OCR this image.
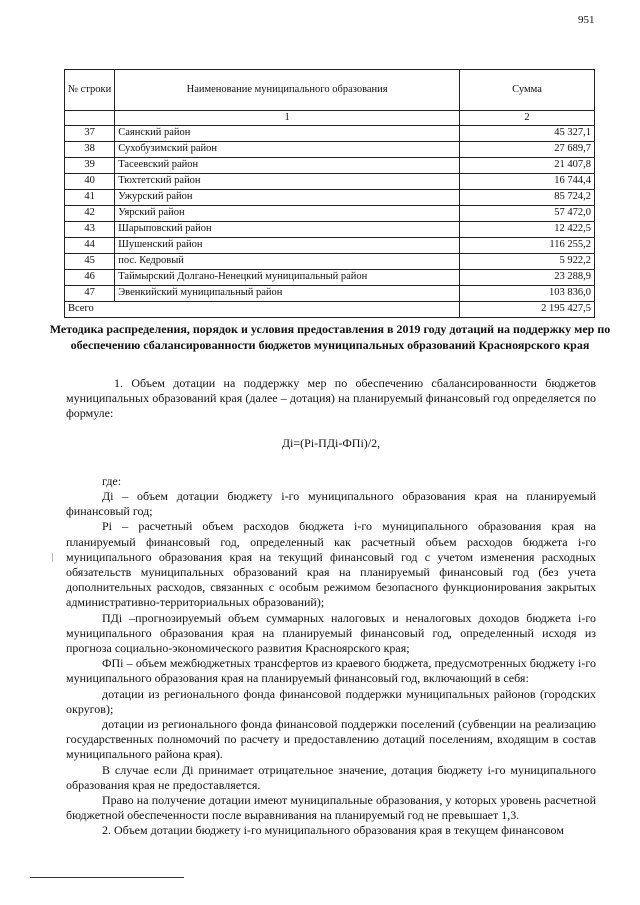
951
№ строки	Наименование муниципального образования	Сумма
	1	2
37	Саянский район	45 327,1
38	Сухобузимский район	27 689,7
39	Тасеевский район	21 407,8
40	Тюхтетский район	16 744,4
41	Ужурский район	85 724,2
42	Уярский район	57 472,0
43	Шарыповский район	12 422,5
44	Шушенский район	116 255,2
45	пос. Кедровый	5 922,2
46	Таймырский Долгано-Ненецкий муниципальный район	23 288,9
47	Эвенкийский муниципальный район	103 836,0
Всего		2 195 427,5
Методика распределения, порядок и условия предоставления в 2019 году дотаций на поддержку мер по обеспечению сбалансированности бюджетов муниципальных образований Красноярского края

1. Объем дотации на поддержку мер по обеспечению сбалансированности бюджетов муниципальных образований края (далее – дотация) на планируемый финансовый год определяется по формуле:

Дi=(Pi-ПДi-ФПi)/2,

где:

Дi – объем дотации бюджету i-го муниципального образования края на планируемый финансовый год;

Pi – расчетный объем расходов бюджета i-го муниципального образования края на планируемый финансовый год, определенный как расчетный объем расходов бюджета i-го муниципального образования края на текущий финансовый год с учетом изменения расходных обязательств муниципальных образований края на планируемый финансовый год (без учета дополнительных расходов, связанных с особым режимом безопасного функционирования закрытых административно-территориальных образований);

ПДi –прогнозируемый объем суммарных налоговых и неналоговых доходов бюджета i-го муниципального образования края на планируемый финансовый год, определенный исходя из прогноза социально-экономического развития Красноярского края;

ФПi – объем межбюджетных трансфертов из краевого бюджета, предусмотренных бюджету i-го муниципального образования края на планируемый финансовый год, включающий в себя:

дотации из регионального фонда финансовой поддержки муниципальных районов (городских округов);

дотации из регионального фонда финансовой поддержки поселений (субвенции на реализацию государственных полномочий по расчету и предоставлению дотаций поселениям, входящим в состав муниципального района края).

В случае если Дi принимает отрицательное значение, дотация бюджету i-го муниципального образования края не предоставляется.

Право на получение дотации имеют муниципальные образования, у которых уровень расчетной бюджетной обеспеченности после выравнивания на планируемый год не превышает 1,3.

2. Объем дотации бюджету i-го муниципального образования края в текущем финансовом
